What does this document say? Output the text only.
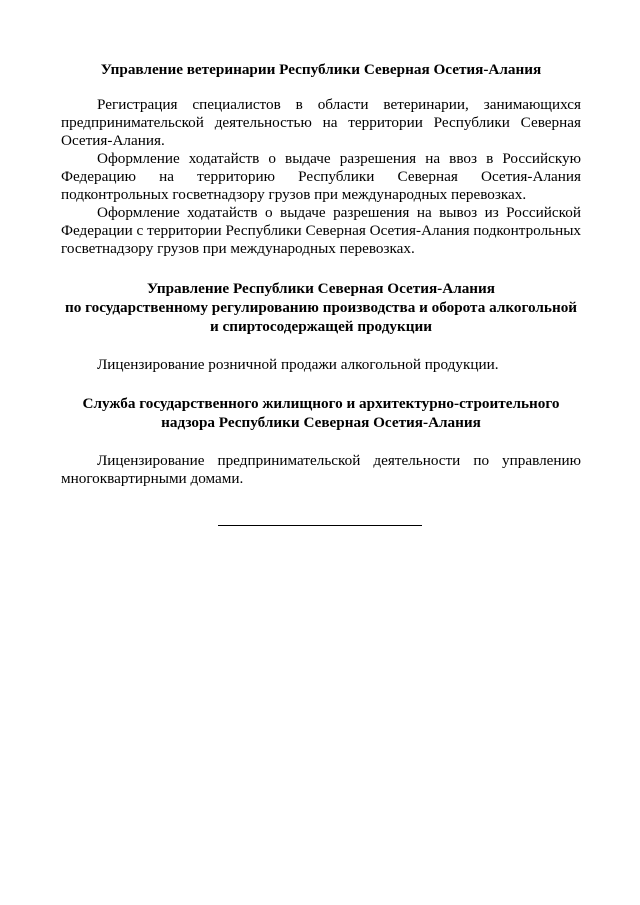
Управление ветеринарии Республики Северная Осетия-Алания

Регистрация специалистов в области ветеринарии, занимающихся предпринимательской деятельностью на территории Республики Северная Осетия-Алания.

Оформление ходатайств о выдаче разрешения на ввоз в Российскую Федерацию на территорию Республики Северная Осетия-Алания подконтрольных госветнадзору грузов при международных перевозках.

Оформление ходатайств о выдаче разрешения на вывоз из Российской Федерации с территории Республики Северная Осетия-Алания подконтрольных госветнадзору грузов при международных перевозках.

Управление Республики Северная Осетия-Алания
по государственному регулированию производства и оборота алкогольной
и спиртосодержащей продукции

Лицензирование розничной продажи алкогольной продукции.

Служба государственного жилищного и архитектурно-строительного
надзора Республики Северная Осетия-Алания

Лицензирование предпринимательской деятельности по управлению многоквартирными домами.
